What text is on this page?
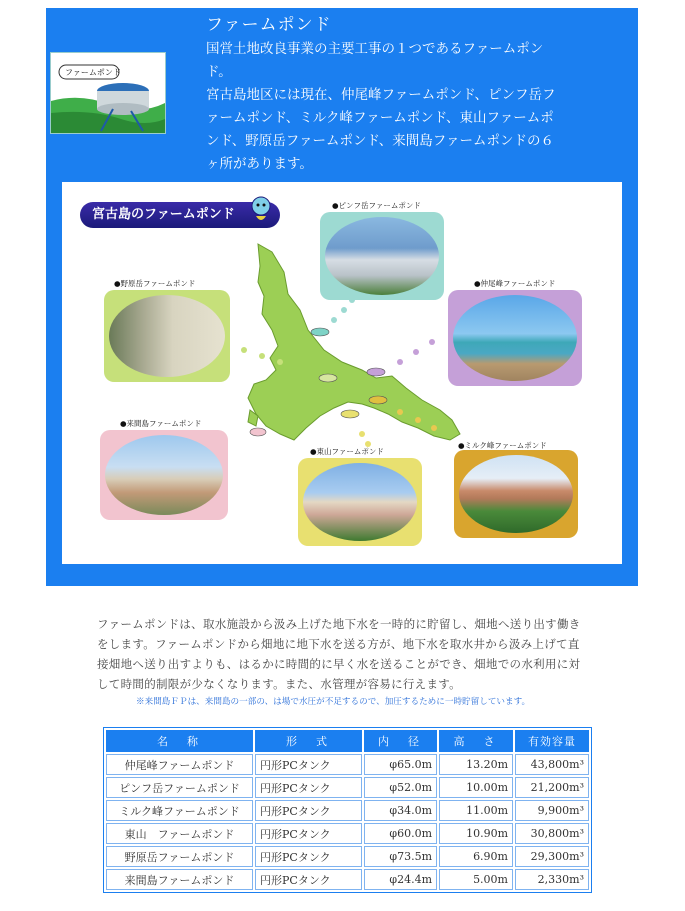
ファームポンド
ファームポンド

国営土地改良事業の主要工事の１つであるファームポンド。

宮古島地区には現在、仲尾峰ファームポンド、ピンフ岳ファームポンド、ミルク峰ファームポンド、東山ファームポンド、野原岳ファームポンド、来間島ファームポンドの６ヶ所があります。

宮古島のファームポンド
●ピンフ岳ファームポンド
●仲尾峰ファームポンド
●野原岳ファームポンド
●来間島ファームポンド
●東山ファームポンド
●ミルク峰ファームポンド

ファームポンドは、取水施設から汲み上げた地下水を一時的に貯留し、畑地へ送り出す働きをします。ファームポンドから畑地に地下水を送る方が、地下水を取水井から汲み上げて直接畑地へ送り出すよりも、はるかに時間的に早く水を送ることができ、畑地での水利用に対して時間的制限が少なくなります。また、水管理が容易に行えます。

※来間島ＦＰは、来間島の一部の、は場で水圧が不足するので、加圧するために一時貯留しています。
名　称	形　式	内　径	高　さ	有効容量
仲尾峰ファームポンド	円形PCタンク	φ65.0m	13.20m	43,800m³
ピンフ岳ファームポンド	円形PCタンク	φ52.0m	10.00m	21,200m³
ミルク峰ファームポンド	円形PCタンク	φ34.0m	11.00m	9,900m³
東山　ファームポンド	円形PCタンク	φ60.0m	10.90m	30,800m³
野原岳ファームポンド	円形PCタンク	φ73.5m	6.90m	29,300m³
来間島ファームポンド	円形PCタンク	φ24.4m	5.00m	2,330m³
